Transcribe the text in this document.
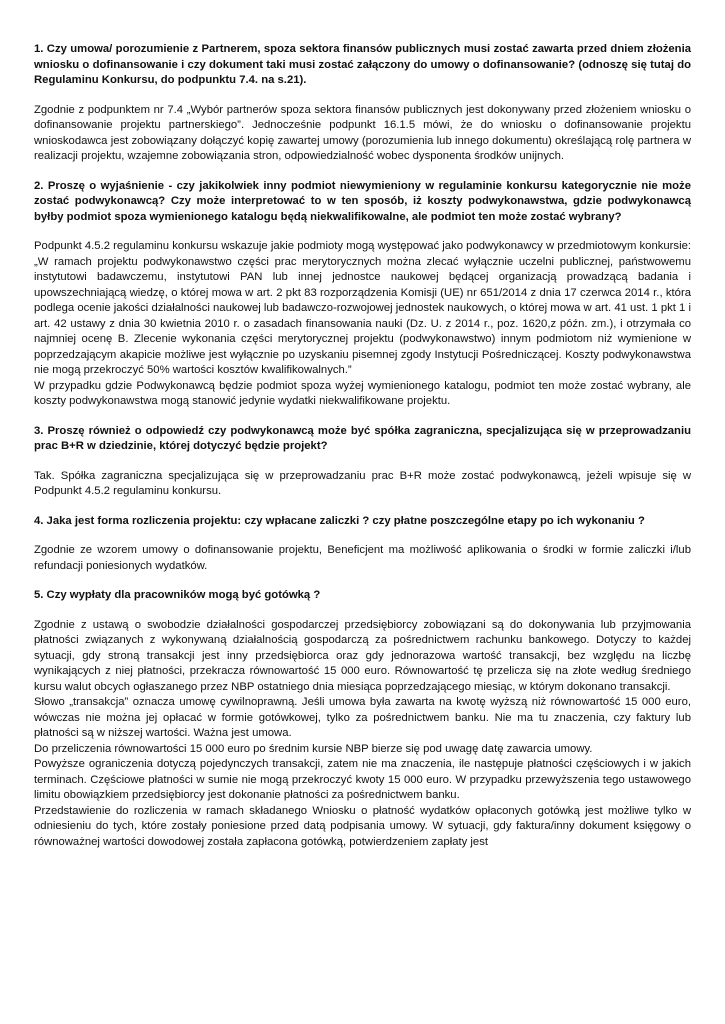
1. Czy umowa/ porozumienie z Partnerem, spoza sektora finansów publicznych musi zostać zawarta przed dniem złożenia wniosku o dofinansowanie i czy dokument taki musi zostać załączony do umowy o dofinansowanie? (odnoszę się tutaj do Regulaminu Konkursu, do podpunktu 7.4. na s.21).

Zgodnie z podpunktem nr 7.4 „Wybór partnerów spoza sektora finansów publicznych jest dokonywany przed złożeniem wniosku o dofinansowanie projektu partnerskiego”. Jednocześnie podpunkt 16.1.5 mówi, że do wniosku o dofinansowanie projektu wnioskodawca jest zobowiązany dołączyć kopię zawartej umowy (porozumienia lub innego dokumentu) określającą rolę partnera w realizacji projektu, wzajemne zobowiązania stron, odpowiedzialność wobec dysponenta środków unijnych.

2. Proszę o wyjaśnienie - czy jakikolwiek inny podmiot niewymieniony w regulaminie konkursu kategorycznie nie może zostać podwykonawcą? Czy może interpretować to w ten sposób, iż koszty podwykonawstwa, gdzie podwykonawcą byłby podmiot spoza wymienionego katalogu będą niekwalifikowalne, ale podmiot ten może zostać wybrany?

Podpunkt 4.5.2 regulaminu konkursu wskazuje jakie podmioty mogą występować jako podwykonawcy w przedmiotowym konkursie: „W ramach projektu podwykonawstwo części prac merytorycznych można zlecać wyłącznie uczelni publicznej, państwowemu instytutowi badawczemu, instytutowi PAN lub innej jednostce naukowej będącej organizacją prowadzącą badania i upowszechniającą wiedzę, o której mowa w art. 2 pkt 83 rozporządzenia Komisji (UE) nr 651/2014 z dnia 17 czerwca 2014 r., która podlega ocenie jakości działalności naukowej lub badawczo-rozwojowej jednostek naukowych, o której mowa w art. 41 ust. 1 pkt 1 i art. 42 ustawy z dnia 30 kwietnia 2010 r. o zasadach finansowania nauki (Dz. U. z 2014 r., poz. 1620,z późn. zm.), i otrzymała co najmniej ocenę B. Zlecenie wykonania części merytorycznej projektu (podwykonawstwo) innym podmiotom niż wymienione w poprzedzającym akapicie możliwe jest wyłącznie po uzyskaniu pisemnej zgody Instytucji Pośredniczącej. Koszty podwykonawstwa nie mogą przekroczyć 50% wartości kosztów kwalifikowalnych.”

W przypadku gdzie Podwykonawcą będzie podmiot spoza wyżej wymienionego katalogu, podmiot ten może zostać wybrany, ale koszty podwykonawstwa mogą stanowić jedynie wydatki niekwalifikowane projektu.

3. Proszę również o odpowiedź czy podwykonawcą może być spółka zagraniczna, specjalizująca się w przeprowadzaniu prac B+R w dziedzinie, której dotyczyć będzie projekt?

Tak. Spółka zagraniczna specjalizująca się w przeprowadzaniu prac B+R może zostać podwykonawcą, jeżeli wpisuje się w Podpunkt 4.5.2 regulaminu konkursu.

4. Jaka jest forma rozliczenia projektu: czy wpłacane zaliczki ? czy płatne poszczególne etapy po ich wykonaniu ?

Zgodnie ze wzorem umowy o dofinansowanie projektu, Beneficjent ma możliwość aplikowania o środki w formie zaliczki i/lub refundacji poniesionych wydatków.

5. Czy wypłaty dla pracowników mogą być gotówką ?

Zgodnie z ustawą o swobodzie działalności gospodarczej przedsiębiorcy zobowiązani są do dokonywania lub przyjmowania płatności związanych z wykonywaną działalnością gospodarczą za pośrednictwem rachunku bankowego. Dotyczy to każdej sytuacji, gdy stroną transakcji jest inny przedsiębiorca oraz gdy jednorazowa wartość transakcji, bez względu na liczbę wynikających z niej płatności, przekracza równowartość 15 000 euro. Równowartość tę przelicza się na złote według średniego kursu walut obcych ogłaszanego przez NBP ostatniego dnia miesiąca poprzedzającego miesiąc, w którym dokonano transakcji.

Słowo „transakcja” oznacza umowę cywilnoprawną. Jeśli umowa była zawarta na kwotę wyższą niż równowartość 15 000 euro, wówczas nie można jej opłacać w formie gotówkowej, tylko za pośrednictwem banku. Nie ma tu znaczenia, czy faktury lub płatności są w niższej wartości. Ważna jest umowa.

Do przeliczenia równowartości 15 000 euro po średnim kursie NBP bierze się pod uwagę datę zawarcia umowy.

Powyższe ograniczenia dotyczą pojedynczych transakcji, zatem nie ma znaczenia, ile następuje płatności częściowych i w jakich terminach. Częściowe płatności w sumie nie mogą przekroczyć kwoty 15 000 euro. W przypadku przewyższenia tego ustawowego limitu obowiązkiem przedsiębiorcy jest dokonanie płatności za pośrednictwem banku.

Przedstawienie do rozliczenia w ramach składanego Wniosku o płatność wydatków opłaconych gotówką jest możliwe tylko w odniesieniu do tych, które zostały poniesione przed datą podpisania umowy. W sytuacji, gdy faktura/inny dokument księgowy o równoważnej wartości dowodowej została zapłacona gotówką, potwierdzeniem zapłaty jest
